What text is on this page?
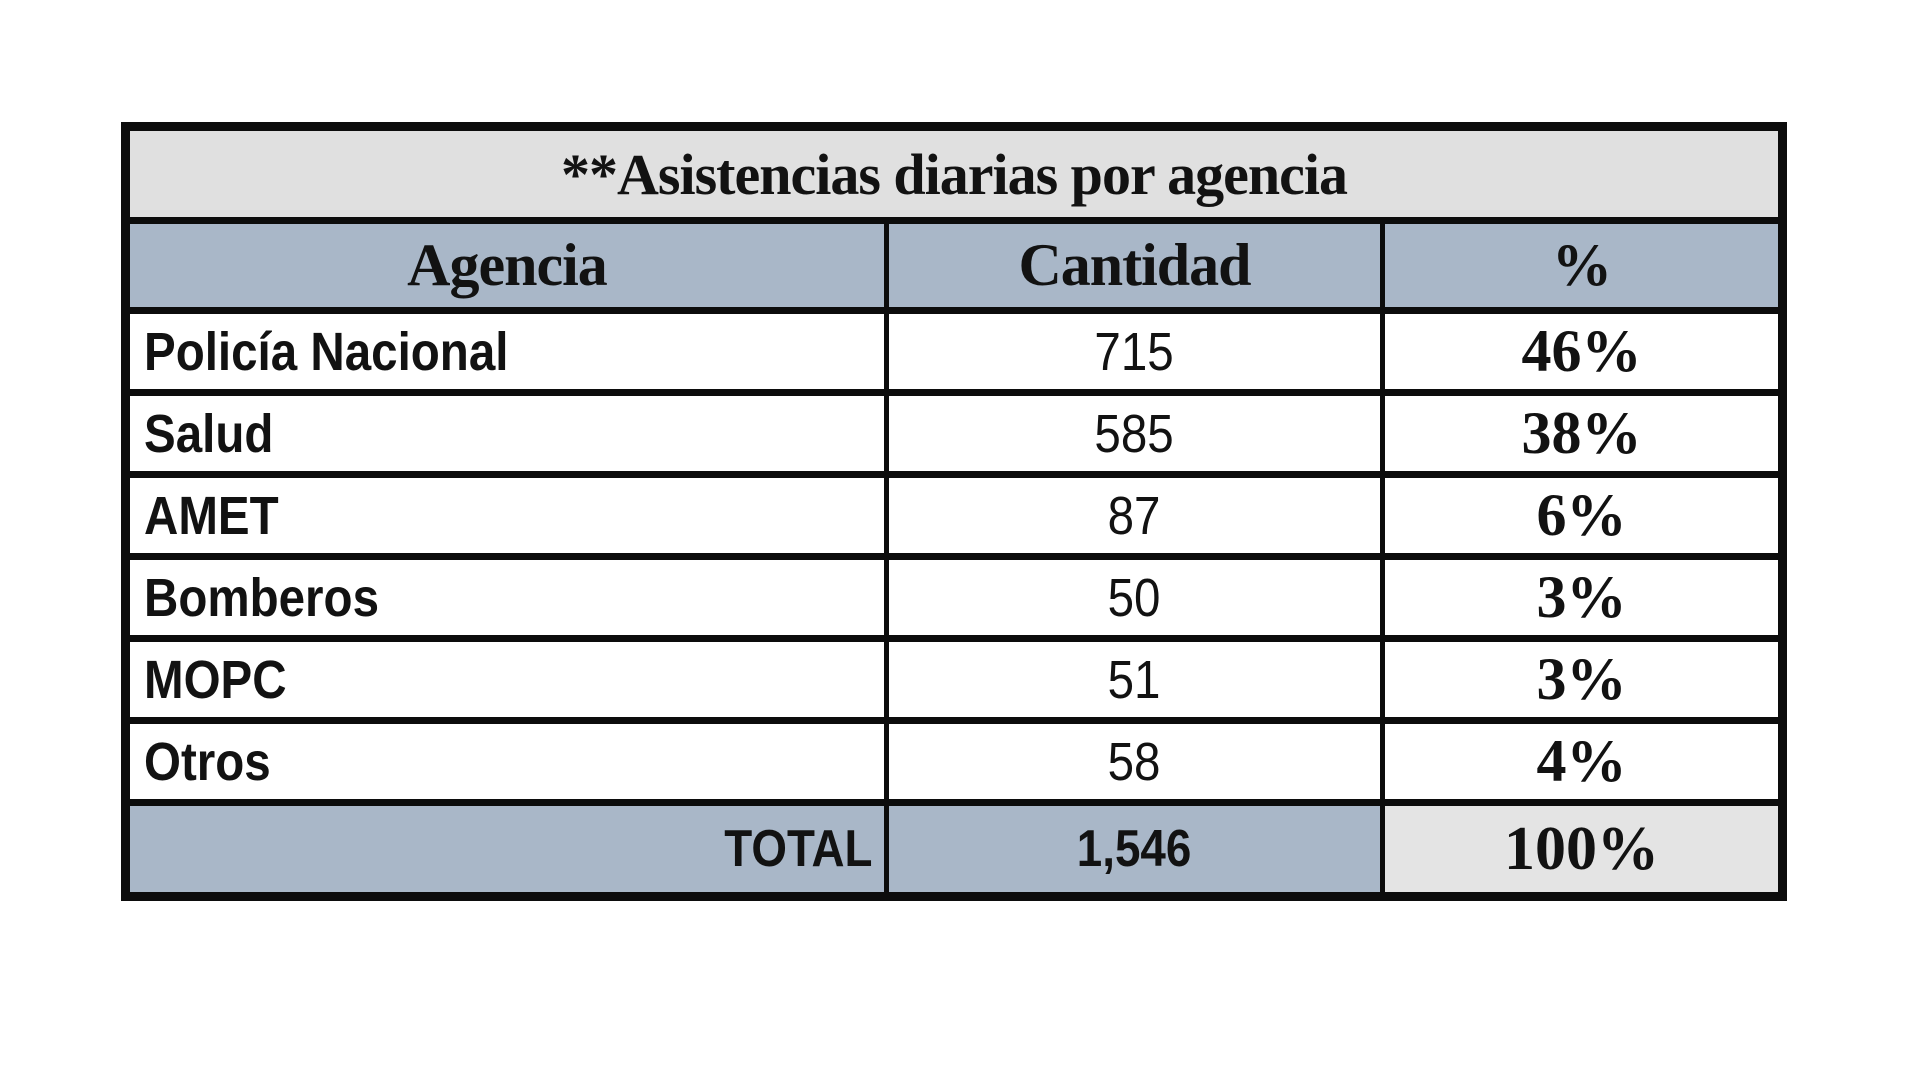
**Asistencias diarias por agencia		
Agencia	Cantidad	%
Policía Nacional	715	46%
Salud	585	38%
AMET	87	6%
Bomberos	50	3%
MOPC	51	3%
Otros	58	4%
TOTAL	1,546	100%
